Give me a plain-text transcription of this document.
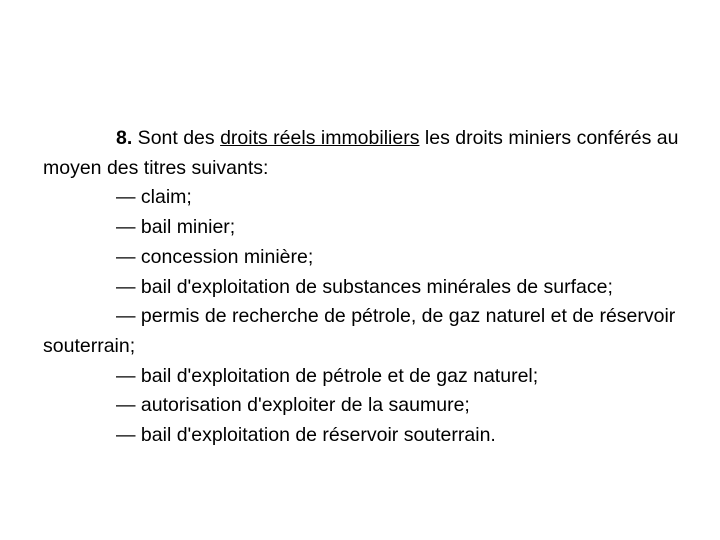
8. Sont des droits réels immobiliers les droits miniers conférés au moyen des titres suivants:

— claim;

— bail minier;

— concession minière;

— bail d'exploitation de substances minérales de surface;

— permis de recherche de pétrole, de gaz naturel et de réservoir souterrain;

— bail d'exploitation de pétrole et de gaz naturel;

— autorisation d'exploiter de la saumure;

— bail d'exploitation de réservoir souterrain.
